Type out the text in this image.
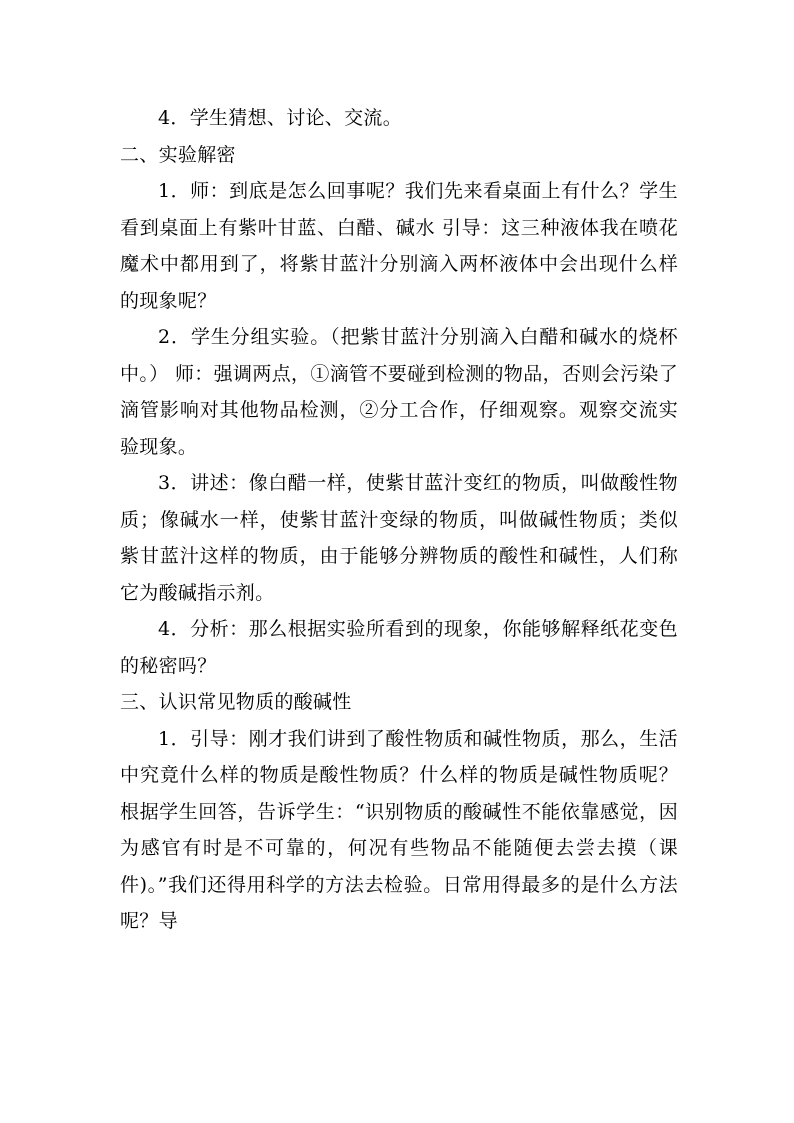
4．学生猜想、讨论、交流。

二、实验解密

1．师：到底是怎么回事呢？我们先来看桌面上有什么？学生看到桌面上有紫叶甘蓝、白醋、碱水 引导：这三种液体我在喷花魔术中都用到了，将紫甘蓝汁分别滴入两杯液体中会出现什么样的现象呢？

2．学生分组实验。（把紫甘蓝汁分别滴入白醋和碱水的烧杯中。） 师：强调两点，①滴管不要碰到检测的物品，否则会污染了滴管影响对其他物品检测，②分工合作，仔细观察。观察交流实验现象。

3．讲述：像白醋一样，使紫甘蓝汁变红的物质，叫做酸性物质；像碱水一样，使紫甘蓝汁变绿的物质，叫做碱性物质；类似紫甘蓝汁这样的物质，由于能够分辨物质的酸性和碱性，人们称它为酸碱指示剂。

4．分析：那么根据实验所看到的现象，你能够解释纸花变色的秘密吗？

三、认识常见物质的酸碱性

1．引导：刚才我们讲到了酸性物质和碱性物质，那么，生活中究竟什么样的物质是酸性物质？什么样的物质是碱性物质呢？根据学生回答，告诉学生：“识别物质的酸碱性不能依靠感觉，因为感官有时是不可靠的，何况有些物品不能随便去尝去摸（课件)。”我们还得用科学的方法去检验。日常用得最多的是什么方法呢？导
